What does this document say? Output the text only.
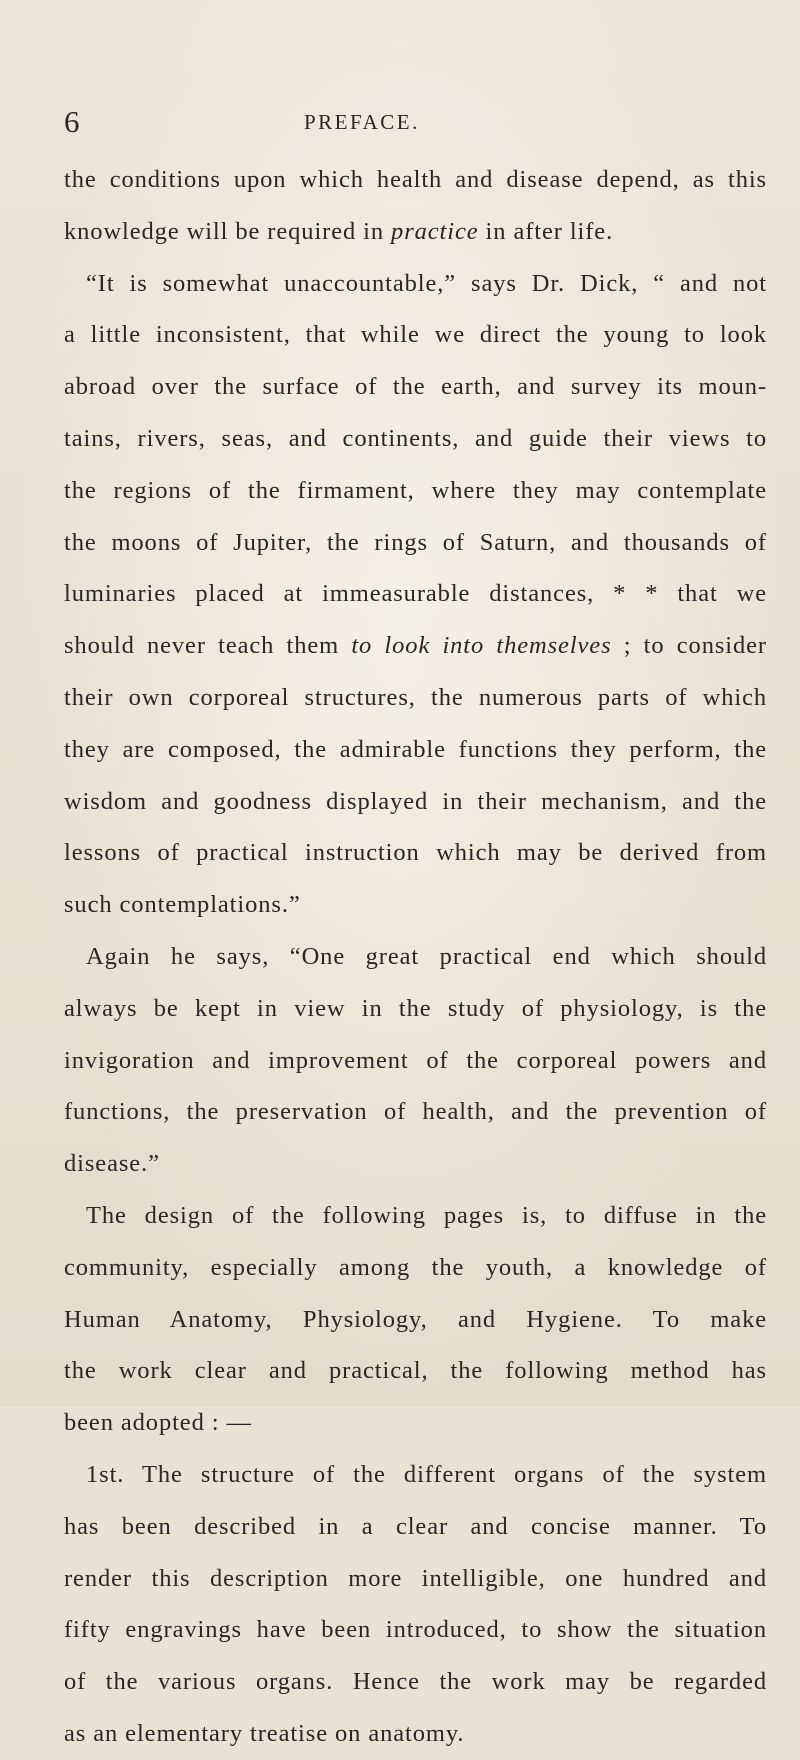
6	PREFACE.
the conditions upon which health and disease depend, as this
knowledge will be required in practice in after life.
“It is somewhat unaccountable,” says Dr. Dick, “ and not
a little inconsistent, that while we direct the young to look
abroad over the surface of the earth, and survey its moun-
tains, rivers, seas, and continents, and guide their views to
the regions of the firmament, where they may contemplate
the moons of Jupiter, the rings of Saturn, and thousands of
luminaries placed at immeasurable distances, * * that we
should never teach them to look into themselves ; to consider
their own corporeal structures, the numerous parts of which
they are composed, the admirable functions they perform, the
wisdom and goodness displayed in their mechanism, and the
lessons of practical instruction which may be derived from
such contemplations.”
Again he says, “One great practical end which should
always be kept in view in the study of physiology, is the
invigoration and improvement of the corporeal powers and
functions, the preservation of health, and the prevention of
disease.”
The design of the following pages is, to diffuse in the
community, especially among the youth, a knowledge of
Human Anatomy, Physiology, and Hygiene. To make
the work clear and practical, the following method has
been adopted : —
1st. The structure of the different organs of the system
has been described in a clear and concise manner. To
render this description more intelligible, one hundred and
fifty engravings have been introduced, to show the situation
of the various organs. Hence the work may be regarded
as an elementary treatise on anatomy.
